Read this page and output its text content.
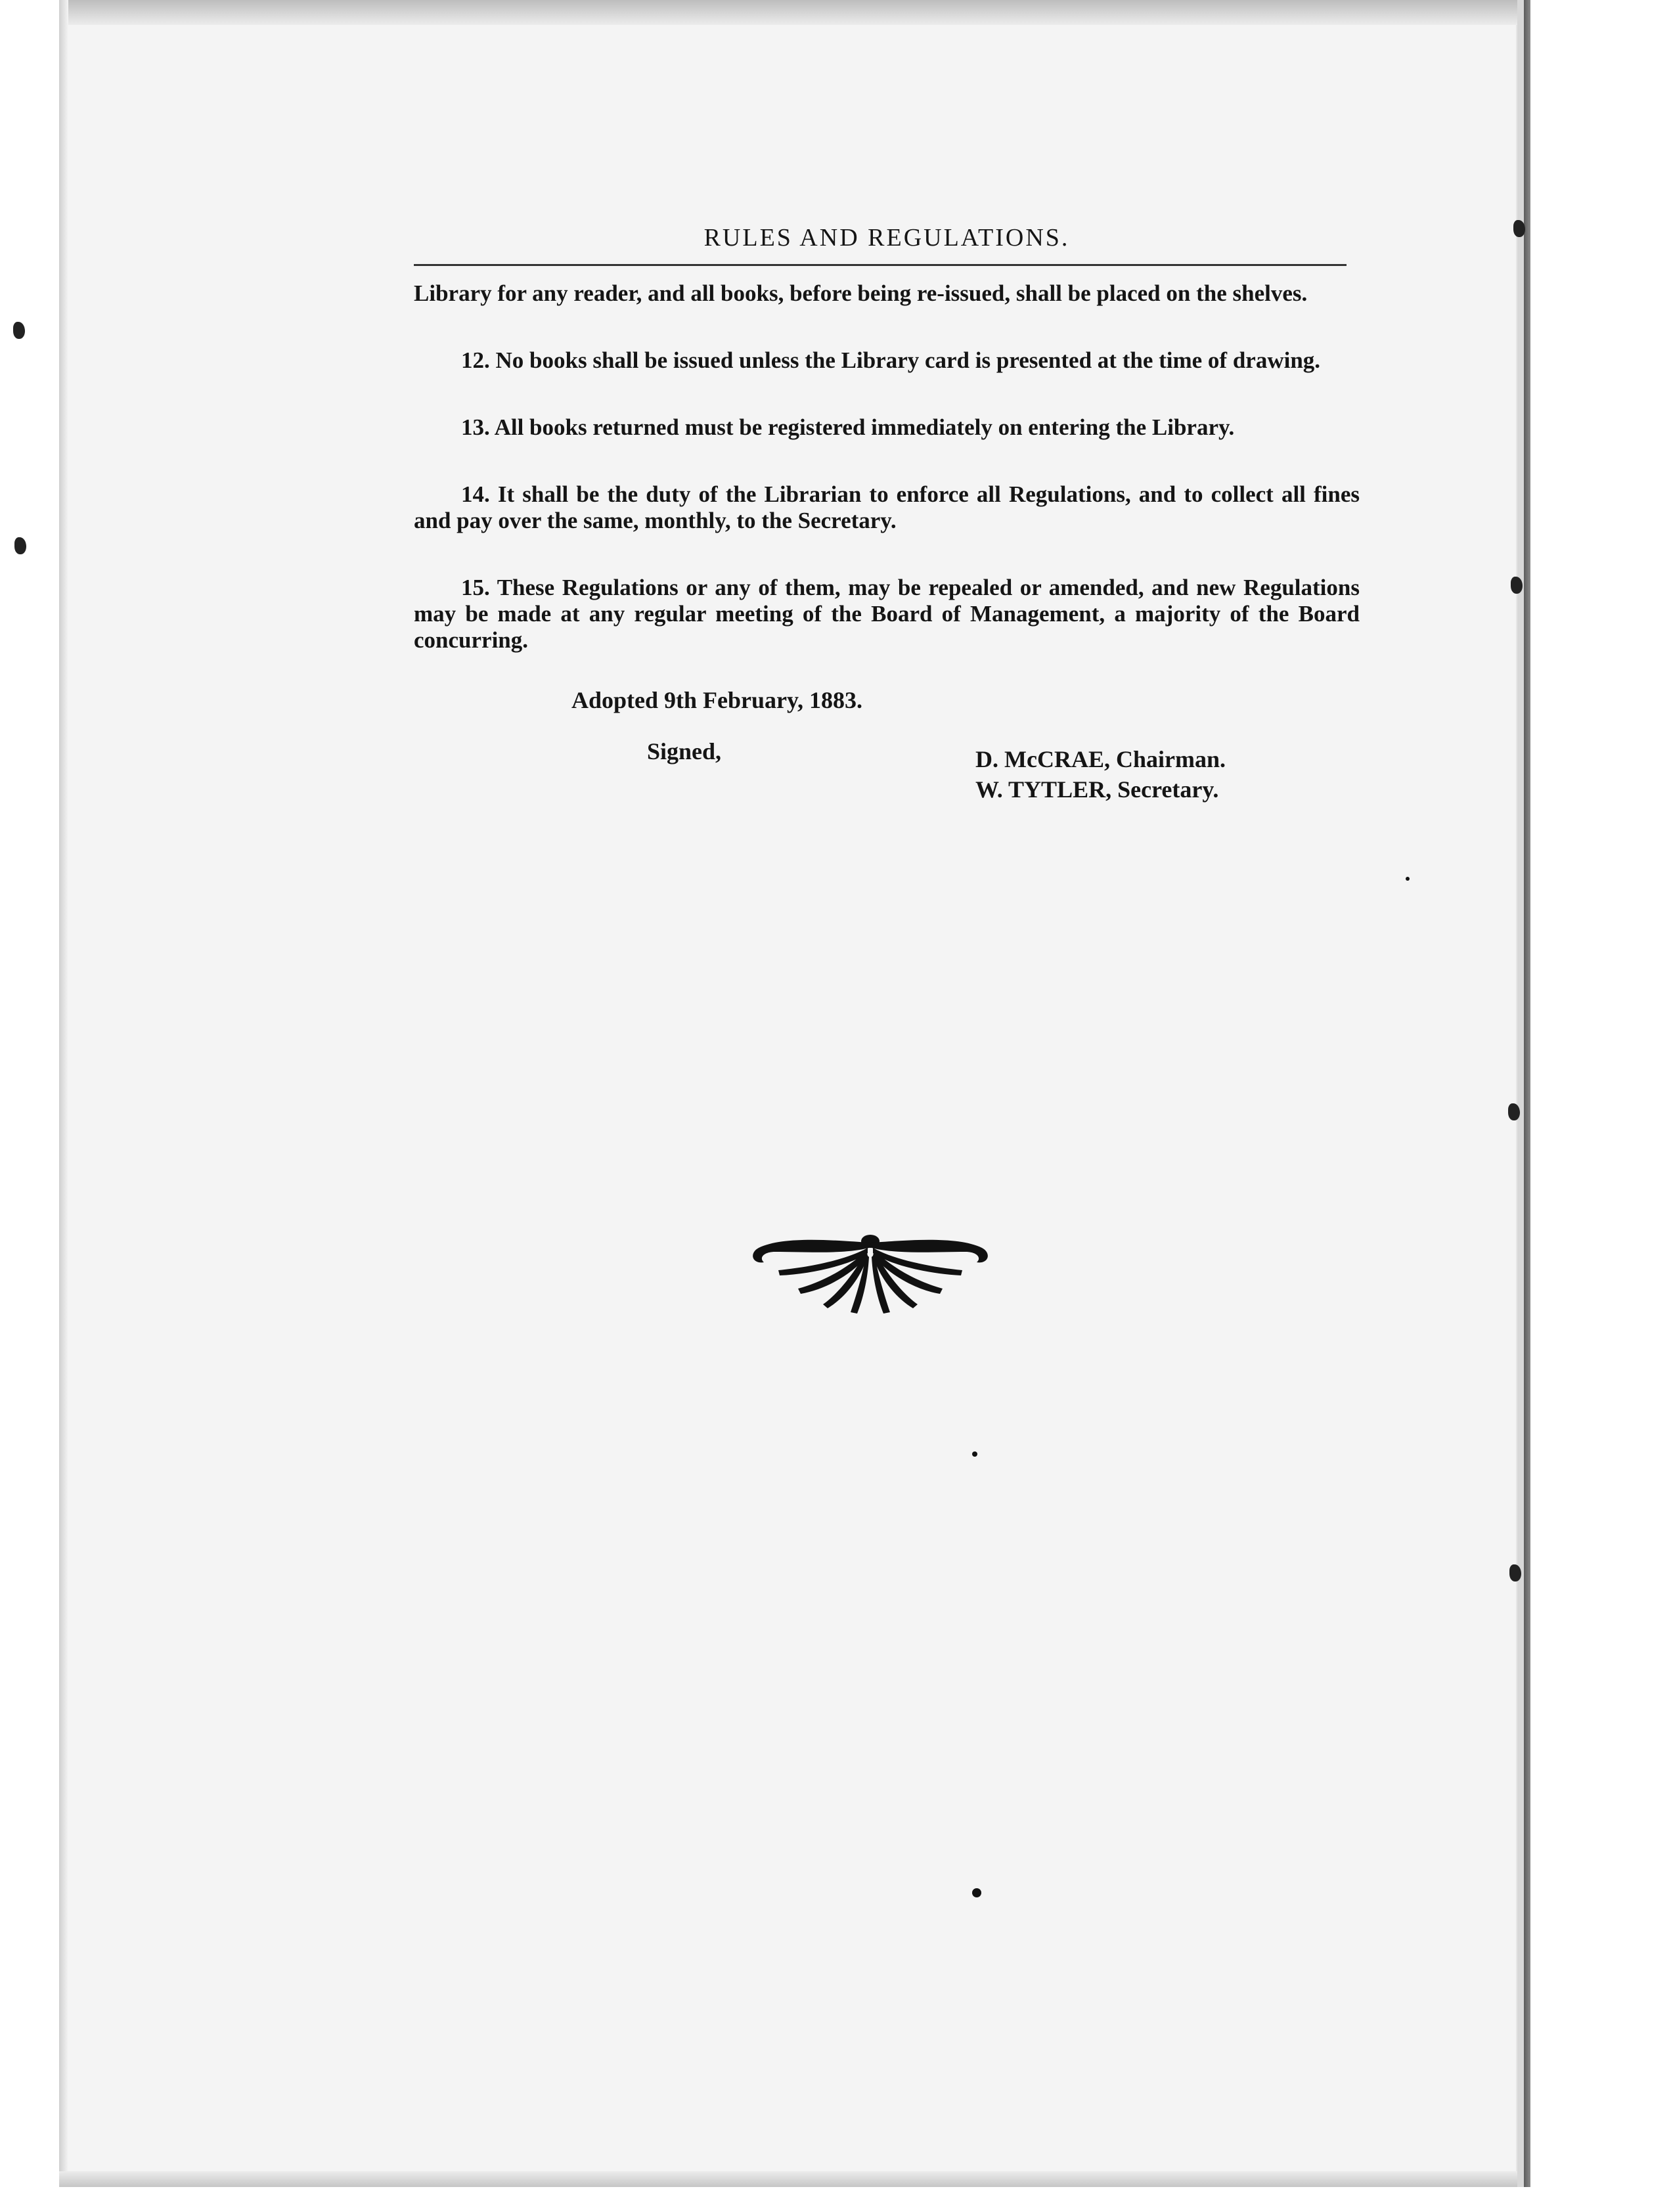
RULES AND REGULATIONS.

Library for any reader, and all books, before being re-issued, shall be placed on the shelves.

12. No books shall be issued unless the Library card is presented at the time of drawing.

13. All books returned must be registered immediately on entering the Library.

14. It shall be the duty of the Librarian to enforce all Regulations, and to collect all fines and pay over the same, monthly, to the Secretary.

15. These Regulations or any of them, may be repealed or amended, and new Regulations may be made at any regular meeting of the Board of Management, a majority of the Board concurring.

Adopted 9th February, 1883.
Signed,	D. McCRAE, Chairman.
W. TYTLER, Secretary.
